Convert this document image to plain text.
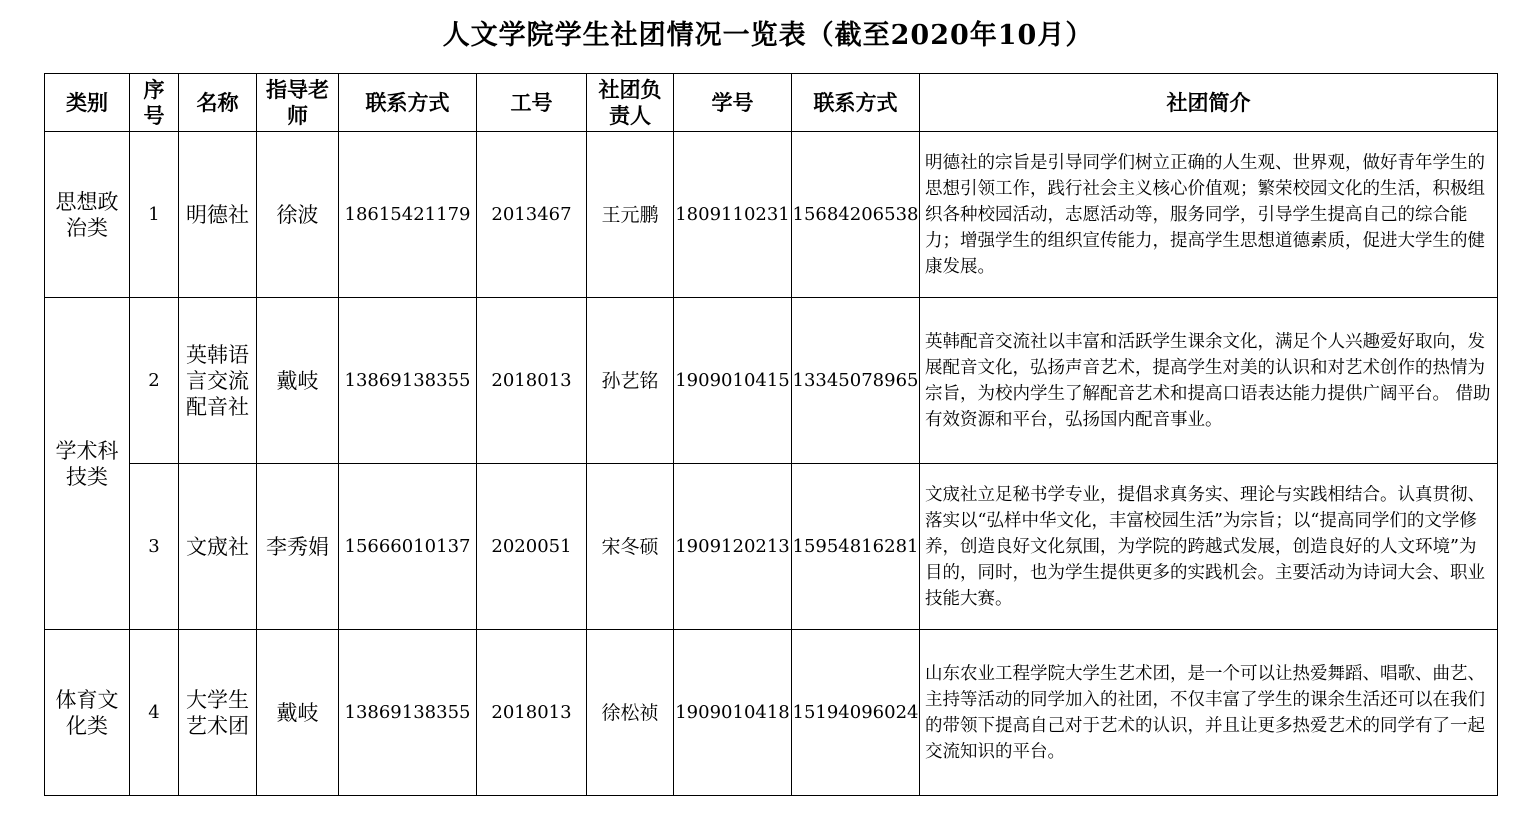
人文学院学生社团情况一览表（截至2020年10月）
类别	序号	名称	指导老师	联系方式	工号	社团负责人	学号	联系方式	社团简介
思想政治类	1	明德社	徐波	18615421179	2013467	王元鹏	1809110231	15684206538	明德社的宗旨是引导同学们树立正确的人生观、世界观，做好青年学生的思想引领工作，践行社会主义核心价值观；繁荣校园文化的生活，积极组织各种校园活动，志愿活动等，服务同学，引导学生提高自己的综合能力；增强学生的组织宣传能力，提高学生思想道德素质，促进大学生的健康发展。
学术科技类	2	英韩语言交流配音社	戴岐	13869138355	2018013	孙艺铭	1909010415	13345078965	英韩配音交流社以丰富和活跃学生课余文化，满足个人兴趣爱好取向，发展配音文化，弘扬声音艺术，提高学生对美的认识和对艺术创作的热情为宗旨，为校内学生了解配音艺术和提高口语表达能力提供广阔平台。 借助有效资源和平台，弘扬国内配音事业。
	3	文宬社	李秀娟	15666010137	2020051	宋冬硕	1909120213	15954816281	文宬社立足秘书学专业，提倡求真务实、理论与实践相结合。认真贯彻、落实以“弘样中华文化，丰富校园生活”为宗旨；以“提高同学们的文学修养，创造良好文化氛围，为学院的跨越式发展，创造良好的人文环境”为目的，同时，也为学生提供更多的实践机会。主要活动为诗词大会、职业技能大赛。
体育文化类	4	大学生艺术团	戴岐	13869138355	2018013	徐松祯	1909010418	15194096024	山东农业工程学院大学生艺术团，是一个可以让热爱舞蹈、唱歌、曲艺、主持等活动的同学加入的社团，不仅丰富了学生的课余生活还可以在我们的带领下提高自己对于艺术的认识，并且让更多热爱艺术的同学有了一起交流知识的平台。
